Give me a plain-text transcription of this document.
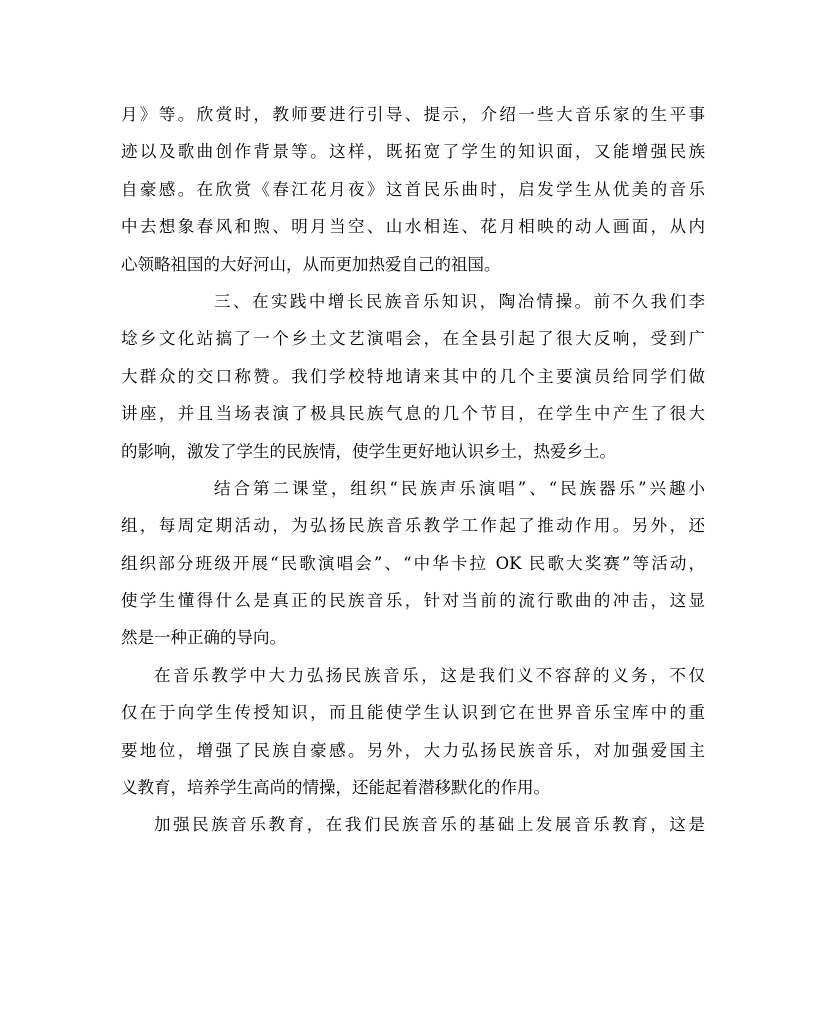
月》等。欣赏时，教师要进行引导、提示，介绍一些大音乐家的生平事
迹以及歌曲创作背景等。这样，既拓宽了学生的知识面，又能增强民族
自豪感。在欣赏《春江花月夜》这首民乐曲时，启发学生从优美的音乐
中去想象春风和煦、明月当空、山水相连、花月相映的动人画面，从内
心领略祖国的大好河山，从而更加热爱自己的祖国。
三、在实践中增长民族音乐知识，陶冶情操。前不久我们李
埝乡文化站搞了一个乡土文艺演唱会，在全县引起了很大反响，受到广
大群众的交口称赞。我们学校特地请来其中的几个主要演员给同学们做
讲座，并且当场表演了极具民族气息的几个节目，在学生中产生了很大
的影响，激发了学生的民族情，使学生更好地认识乡土，热爱乡土。
结合第二课堂，组织“民族声乐演唱”、“民族器乐”兴趣小
组，每周定期活动，为弘扬民族音乐教学工作起了推动作用。另外，还
组织部分班级开展“民歌演唱会”、“中华卡拉 OK 民歌大奖赛”等活动，
使学生懂得什么是真正的民族音乐，针对当前的流行歌曲的冲击，这显
然是一种正确的导向。
在音乐教学中大力弘扬民族音乐，这是我们义不容辞的义务，不仅
仅在于向学生传授知识，而且能使学生认识到它在世界音乐宝库中的重
要地位，增强了民族自豪感。另外，大力弘扬民族音乐，对加强爱国主
义教育，培养学生高尚的情操，还能起着潜移默化的作用。
加强民族音乐教育，在我们民族音乐的基础上发展音乐教育，这是
